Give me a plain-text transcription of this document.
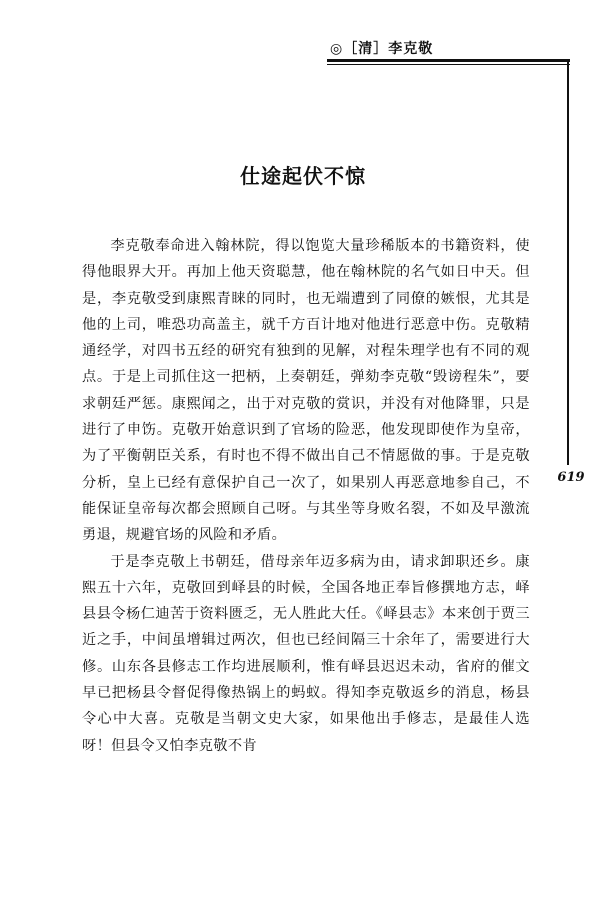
◎［清］李克敬
619
仕途起伏不惊

李克敬奉命进入翰林院，得以饱览大量珍稀版本的书籍资料，使得他眼界大开。再加上他天资聪慧，他在翰林院的名气如日中天。但是，李克敬受到康熙青睐的同时，也无端遭到了同僚的嫉恨，尤其是他的上司，唯恐功高盖主，就千方百计地对他进行恶意中伤。克敬精通经学，对四书五经的研究有独到的见解，对程朱理学也有不同的观点。于是上司抓住这一把柄，上奏朝廷，弹劾李克敬“毁谤程朱”，要求朝廷严惩。康熙闻之，出于对克敬的赏识，并没有对他降罪，只是进行了申饬。克敬开始意识到了官场的险恶，他发现即使作为皇帝，为了平衡朝臣关系，有时也不得不做出自己不情愿做的事。于是克敬分析，皇上已经有意保护自己一次了，如果别人再恶意地参自己，不能保证皇帝每次都会照顾自己呀。与其坐等身败名裂，不如及早激流勇退，规避官场的风险和矛盾。

于是李克敬上书朝廷，借母亲年迈多病为由，请求卸职还乡。康熙五十六年，克敬回到峄县的时候，全国各地正奉旨修撰地方志，峄县县令杨仁迪苦于资料匮乏，无人胜此大任。《峄县志》本来创于贾三近之手，中间虽增辑过两次，但也已经间隔三十余年了，需要进行大修。山东各县修志工作均进展顺利，惟有峄县迟迟未动，省府的催文早已把杨县令督促得像热锅上的蚂蚁。得知李克敬返乡的消息，杨县令心中大喜。克敬是当朝文史大家，如果他出手修志，是最佳人选呀！但县令又怕李克敬不肯
